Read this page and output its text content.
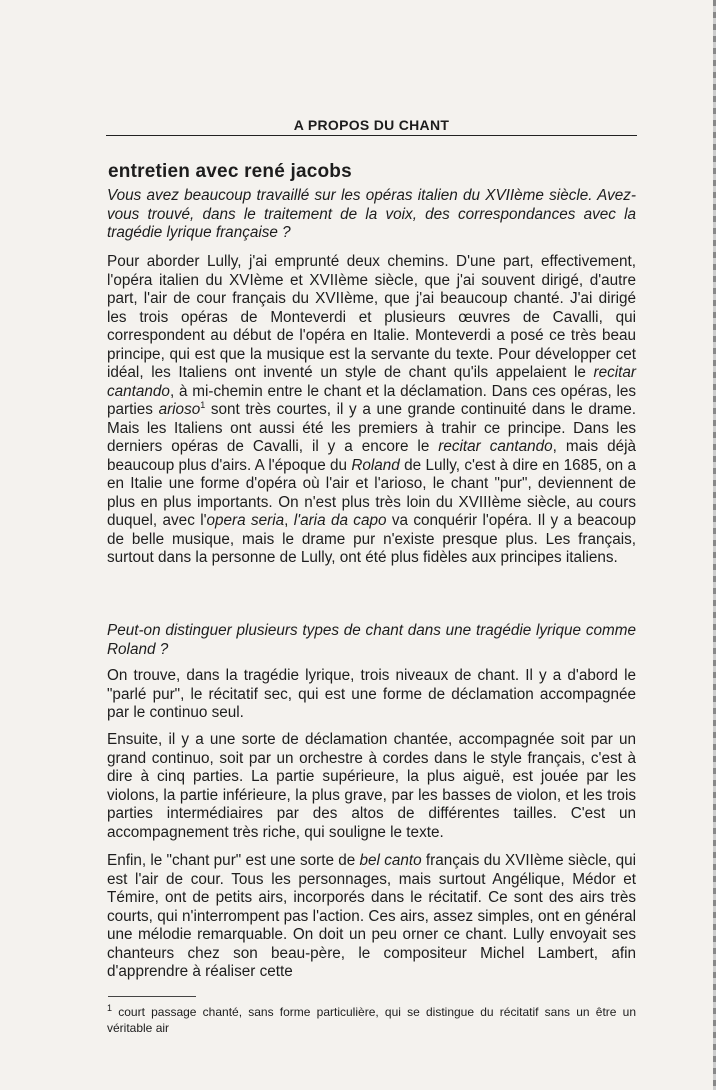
A PROPOS DU CHANT
entretien avec rené jacobs
Vous avez beaucoup travaillé sur les opéras italien du XVIIème siècle. Avez-vous trouvé, dans le traitement de la voix, des correspondances avec la tragédie lyrique française ?
Pour aborder Lully, j'ai emprunté deux chemins. D'une part, effectivement, l'opéra italien du XVIème et XVIIème siècle, que j'ai souvent dirigé, d'autre part, l'air de cour français du XVIIème, que j'ai beaucoup chanté. J'ai dirigé les trois opéras de Monteverdi et plusieurs œuvres de Cavalli, qui correspondent au début de l'opéra en Italie. Monteverdi a posé ce très beau principe, qui est que la musique est la servante du texte. Pour développer cet idéal, les Italiens ont inventé un style de chant qu'ils appelaient le recitar cantando, à mi-chemin entre le chant et la déclamation. Dans ces opéras, les parties arioso$^1$ sont très courtes, il y a une grande continuité dans le drame. Mais les Italiens ont aussi été les premiers à trahir ce principe. Dans les derniers opéras de Cavalli, il y a encore le recitar cantando, mais déjà beaucoup plus d'airs. A l'époque du Roland de Lully, c'est à dire en 1685, on a en Italie une forme d'opéra où l'air et l'arioso, le chant "pur", deviennent de plus en plus importants. On n'est plus très loin du XVIIIème siècle, au cours duquel, avec l'opera seria, l'aria da capo va conquérir l'opéra. Il y a beacoup de belle musique, mais le drame pur n'existe presque plus. Les français, surtout dans la personne de Lully, ont été plus fidèles aux principes italiens.
Peut-on distinguer plusieurs types de chant dans une tragédie lyrique comme Roland ?
On trouve, dans la tragédie lyrique, trois niveaux de chant. Il y a d'abord le "parlé pur", le récitatif sec, qui est une forme de déclamation accompagnée par le continuo seul.
Ensuite, il y a une sorte de déclamation chantée, accompagnée soit par un grand continuo, soit par un orchestre à cordes dans le style français, c'est à dire à cinq parties. La partie supérieure, la plus aiguë, est jouée par les violons, la partie inférieure, la plus grave, par les basses de violon, et les trois parties intermédiaires par des altos de différentes tailles. C'est un accompagnement très riche, qui souligne le texte.
Enfin, le "chant pur" est une sorte de bel canto français du XVIIème siècle, qui est l'air de cour. Tous les personnages, mais surtout Angélique, Médor et Témire, ont de petits airs, incorporés dans le récitatif. Ce sont des airs très courts, qui n'interrompent pas l'action. Ces airs, assez simples, ont en général une mélodie remarquable. On doit un peu orner ce chant. Lully envoyait ses chanteurs chez son beau-père, le compositeur Michel Lambert, afin d'apprendre à réaliser cette
$^1$ court passage chanté, sans forme particulière, qui se distingue du récitatif sans un être un véritable air
